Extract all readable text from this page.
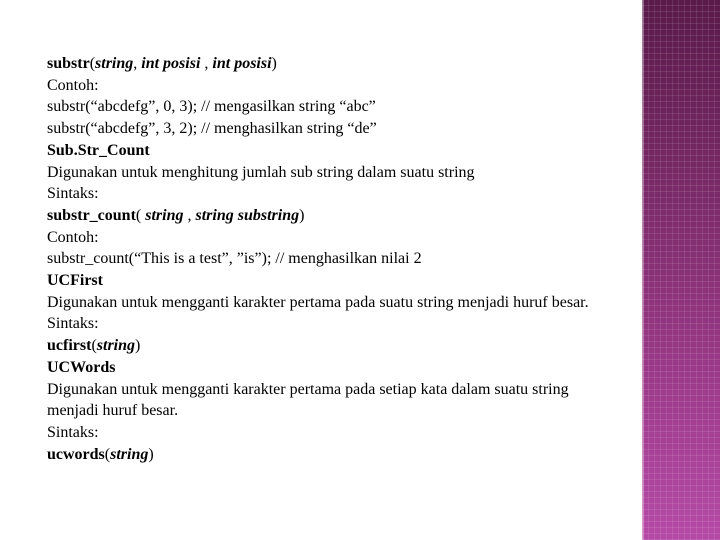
substr(string, int posisi , int posisi)
Contoh:
substr(“abcdefg”, 0, 3); // mengasilkan string “abc”
substr(“abcdefg”, 3, 2); // menghasilkan string “de”
Sub.Str_Count
Digunakan untuk menghitung jumlah sub string dalam suatu string
Sintaks:
substr_count( string , string substring)
Contoh:
substr_count(“This is a test”, ”is”); // menghasilkan nilai 2
UCFirst
Digunakan untuk mengganti karakter pertama pada suatu string menjadi huruf besar.
Sintaks:
ucfirst(string)
UCWords
Digunakan untuk mengganti karakter pertama pada setiap kata dalam suatu string
menjadi huruf besar.
Sintaks:
ucwords(string)
